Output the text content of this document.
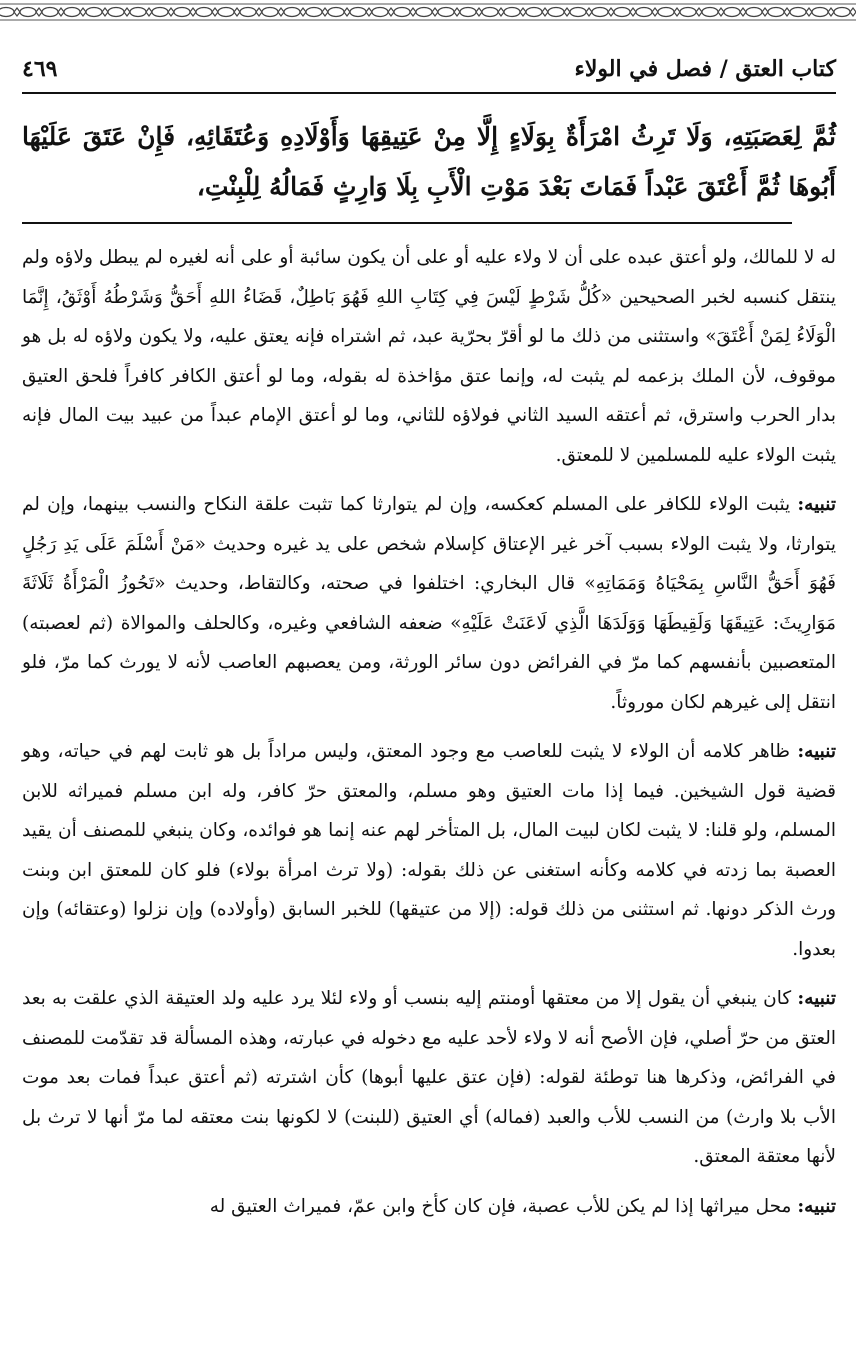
كتاب العتق / فصل في الولاء
٤٦٩
ثُمَّ لِعَصَبَتِهِ، وَلَا تَرِثُ امْرَأَةٌ بِوَلَاءٍ إِلَّا مِنْ عَتِيقِهَا وَأَوْلَادِهِ وَعُتَقَائِهِ، فَإِنْ عَتَقَ عَلَيْهَا أَبُوهَا ثُمَّ أَعْتَقَ عَبْداً فَمَاتَ بَعْدَ مَوْتِ الْأَبِ بِلَا وَارِثٍ فَمَالُهُ لِلْبِنْتِ،

له لا للمالك، ولو أعتق عبده على أن لا ولاء عليه أو على أن يكون سائبة أو على أنه لغيره لم يبطل ولاؤه ولم ينتقل كنسبه لخبر الصحيحين «كُلُّ شَرْطٍ لَيْسَ فِي كِتَابِ اللهِ فَهُوَ بَاطِلٌ، قَضَاءُ اللهِ أَحَقُّ وَشَرْطُهُ أَوْثَقُ، إِنَّمَا الْوَلَاءُ لِمَنْ أَعْتَقَ» واستثنى من ذلك ما لو أقرّ بحرّية عبد، ثم اشتراه فإنه يعتق عليه، ولا يكون ولاؤه له بل هو موقوف، لأن الملك بزعمه لم يثبت له، وإنما عتق مؤاخذة له بقوله، وما لو أعتق الكافر كافراً فلحق العتيق بدار الحرب واسترق، ثم أعتقه السيد الثاني فولاؤه للثاني، وما لو أعتق الإمام عبداً من عبيد بيت المال فإنه يثبت الولاء عليه للمسلمين لا للمعتق.

تنبيه: يثبت الولاء للكافر على المسلم كعكسه، وإن لم يتوارثا كما تثبت علقة النكاح والنسب بينهما، وإن لم يتوارثا، ولا يثبت الولاء بسبب آخر غير الإعتاق كإسلام شخص على يد غيره وحديث «مَنْ أَسْلَمَ عَلَى يَدِ رَجُلٍ فَهُوَ أَحَقُّ النَّاسِ بِمَحْيَاهُ وَمَمَاتِهِ» قال البخاري: اختلفوا في صحته، وكالتقاط، وحديث «تَحُوزُ الْمَرْأَةُ ثَلَاثَةَ مَوَارِيثَ: عَتِيقَهَا وَلَقِيطَهَا وَوَلَدَهَا الَّذِي لَاعَنَتْ عَلَيْهِ» ضعفه الشافعي وغيره، وكالحلف والموالاة (ثم لعصبته) المتعصبين بأنفسهم كما مرّ في الفرائض دون سائر الورثة، ومن يعصبهم العاصب لأنه لا يورث كما مرّ، فلو انتقل إلى غيرهم لكان موروثاً.

تنبيه: ظاهر كلامه أن الولاء لا يثبت للعاصب مع وجود المعتق، وليس مراداً بل هو ثابت لهم في حياته، وهو قضية قول الشيخين. فيما إذا مات العتيق وهو مسلم، والمعتق حرّ كافر، وله ابن مسلم فميراثه للابن المسلم، ولو قلنا: لا يثبت لكان لبيت المال، بل المتأخر لهم عنه إنما هو فوائده، وكان ينبغي للمصنف أن يقيد العصبة بما زدته في كلامه وكأنه استغنى عن ذلك بقوله: (ولا ترث امرأة بولاء) فلو كان للمعتق ابن وبنت ورث الذكر دونها. ثم استثنى من ذلك قوله: (إلا من عتيقها) للخبر السابق (وأولاده) وإن نزلوا (وعتقائه) وإن بعدوا.

تنبيه: كان ينبغي أن يقول إلا من معتقها أومنتم إليه بنسب أو ولاء لئلا يرد عليه ولد العتيقة الذي علقت به بعد العتق من حرّ أصلي، فإن الأصح أنه لا ولاء لأحد عليه مع دخوله في عبارته، وهذه المسألة قد تقدّمت للمصنف في الفرائض، وذكرها هنا توطئة لقوله: (فإن عتق عليها أبوها) كأن اشترته (ثم أعتق عبداً فمات بعد موت الأب بلا وارث) من النسب للأب والعبد (فماله) أي العتيق (للبنت) لا لكونها بنت معتقه لما مرّ أنها لا ترث بل لأنها معتقة المعتق.

تنبيه: محل ميراثها إذا لم يكن للأب عصبة، فإن كان كأخ وابن عمّ، فميراث العتيق له
